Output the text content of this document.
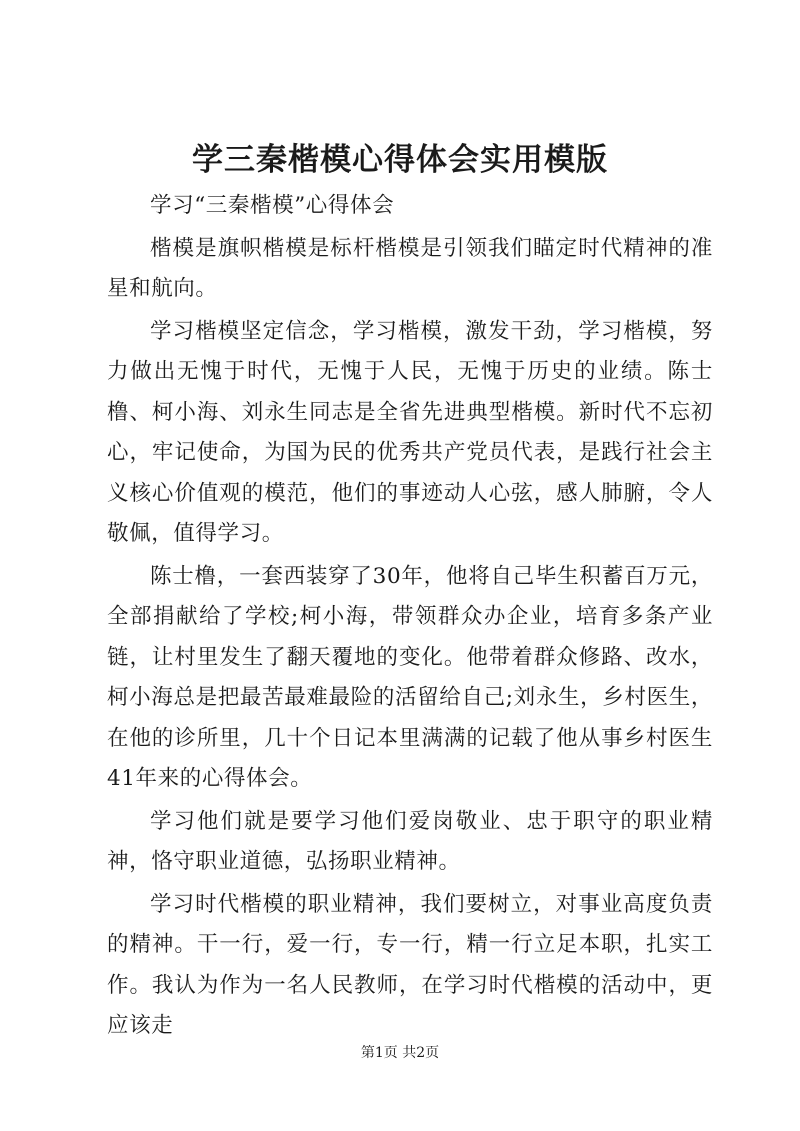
学三秦楷模心得体会实用模版

学习“三秦楷模”心得体会

楷模是旗帜楷模是标杆楷模是引领我们瞄定时代精神的准星和航向。

学习楷模坚定信念，学习楷模，激发干劲，学习楷模，努力做出无愧于时代，无愧于人民，无愧于历史的业绩。陈士橹、柯小海、刘永生同志是全省先进典型楷模。新时代不忘初心，牢记使命，为国为民的优秀共产党员代表，是践行社会主义核心价值观的模范，他们的事迹动人心弦，感人肺腑，令人敬佩，值得学习。

陈士橹，一套西装穿了30年，他将自己毕生积蓄百万元，全部捐献给了学校;柯小海，带领群众办企业，培育多条产业链，让村里发生了翻天覆地的变化。他带着群众修路、改水，柯小海总是把最苦最难最险的活留给自己;刘永生，乡村医生，在他的诊所里，几十个日记本里满满的记载了他从事乡村医生41年来的心得体会。

学习他们就是要学习他们爱岗敬业、忠于职守的职业精神，恪守职业道德，弘扬职业精神。

学习时代楷模的职业精神，我们要树立，对事业高度负责的精神。干一行，爱一行，专一行，精一行立足本职，扎实工作。我认为作为一名人民教师，在学习时代楷模的活动中，更应该走

第1页 共2页
